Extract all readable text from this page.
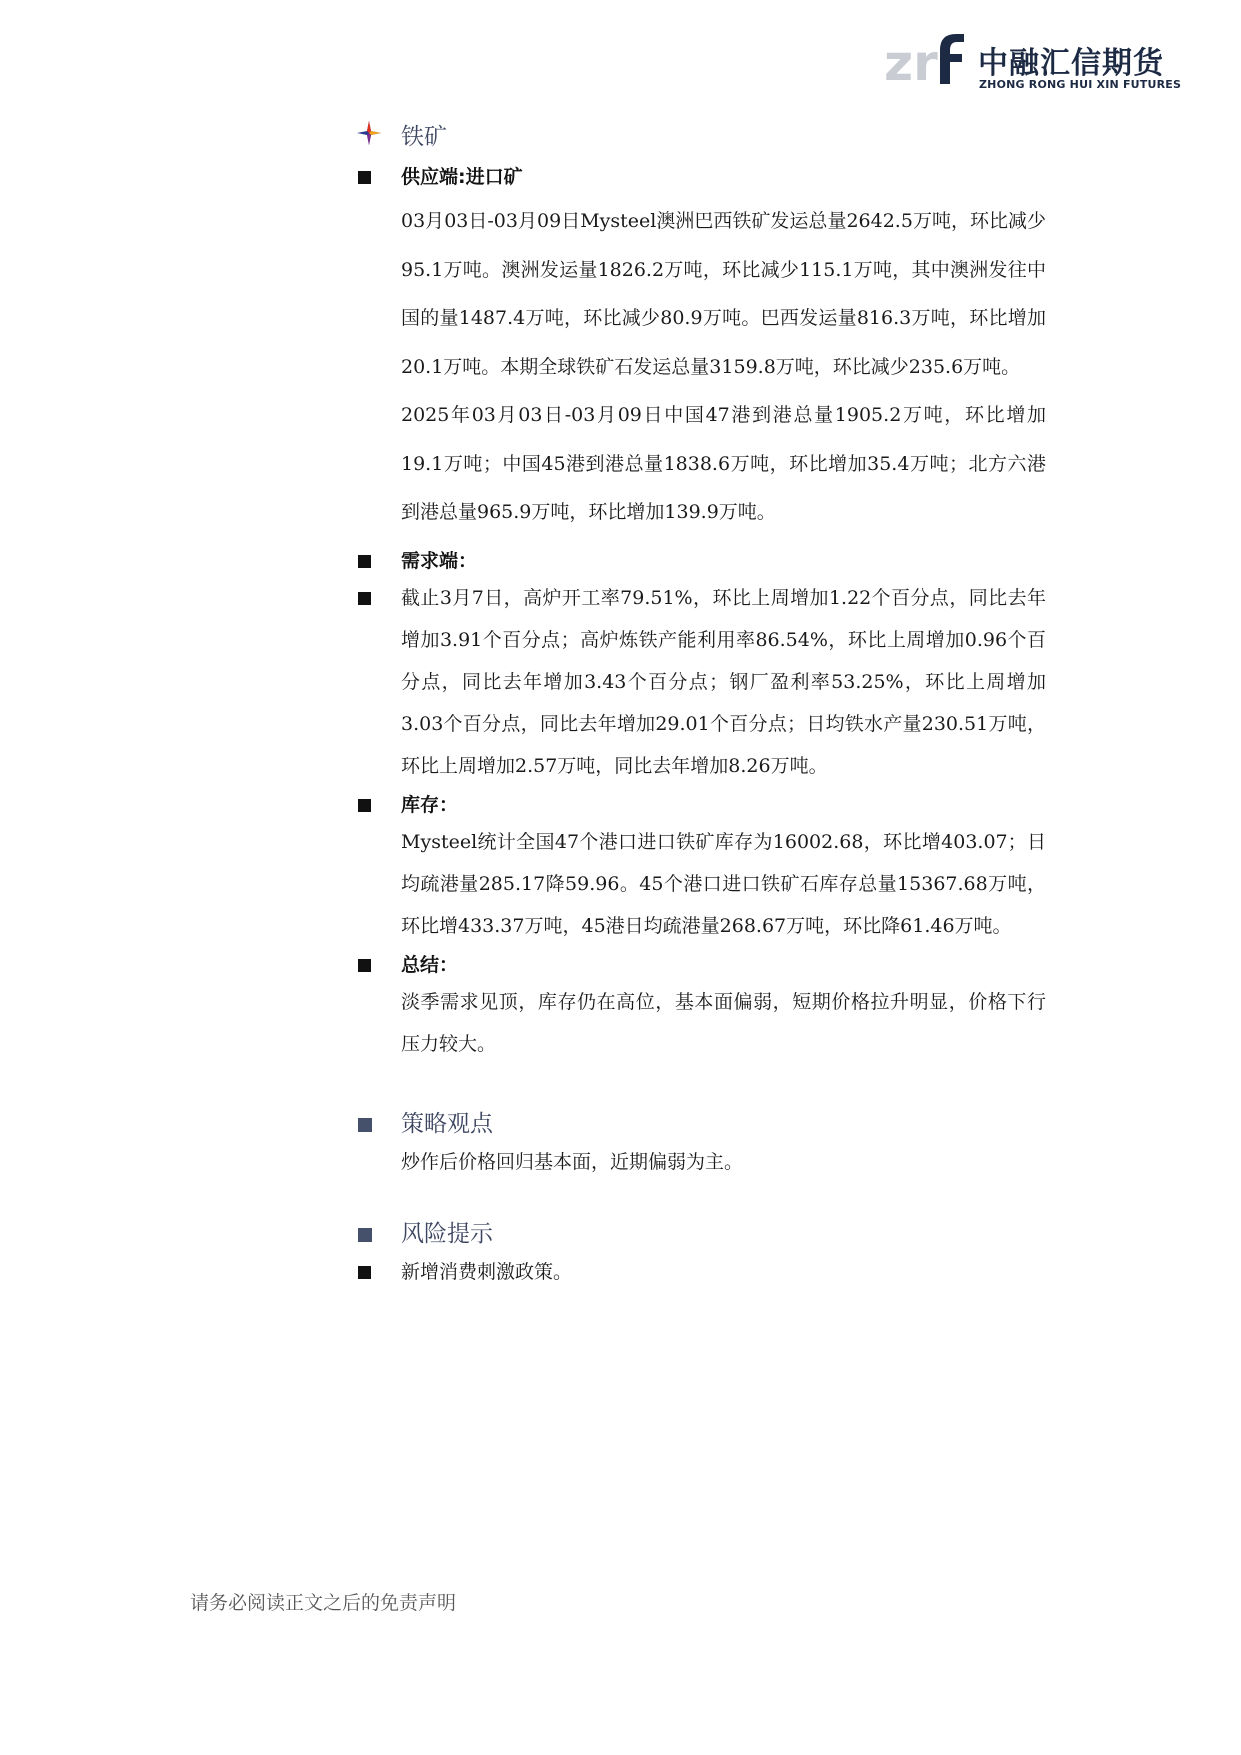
zr 中融汇信期货
ZHONG RONG HUI XIN FUTURES
铁矿
供应端:进口矿
03月03日-03月09日Mysteel澳洲巴西铁矿发运总量2642.5万吨，环比减少95.1万吨。澳洲发运量1826.2万吨，环比减少115.1万吨，其中澳洲发往中国的量1487.4万吨，环比减少80.9万吨。巴西发运量816.3万吨，环比增加20.1万吨。本期全球铁矿石发运总量3159.8万吨，环比减少235.6万吨。
2025年03月03日-03月09日中国47港到港总量1905.2万吨，环比增加19.1万吨；中国45港到港总量1838.6万吨，环比增加35.4万吨；北方六港到港总量965.9万吨，环比增加139.9万吨。
需求端：
截止3月7日，高炉开工率79.51%，环比上周增加1.22个百分点，同比去年增加3.91个百分点；高炉炼铁产能利用率86.54%，环比上周增加0.96个百分点，同比去年增加3.43个百分点；钢厂盈利率53.25%，环比上周增加3.03个百分点，同比去年增加29.01个百分点；日均铁水产量230.51万吨，环比上周增加2.57万吨，同比去年增加8.26万吨。
库存：
Mysteel统计全国47个港口进口铁矿库存为16002.68，环比增403.07；日均疏港量285.17降59.96。45个港口进口铁矿石库存总量15367.68万吨，环比增433.37万吨，45港日均疏港量268.67万吨，环比降61.46万吨。
总结：
淡季需求见顶，库存仍在高位，基本面偏弱，短期价格拉升明显，价格下行压力较大。
策略观点
炒作后价格回归基本面，近期偏弱为主。
风险提示
新增消费刺激政策。
请务必阅读正文之后的免责声明
